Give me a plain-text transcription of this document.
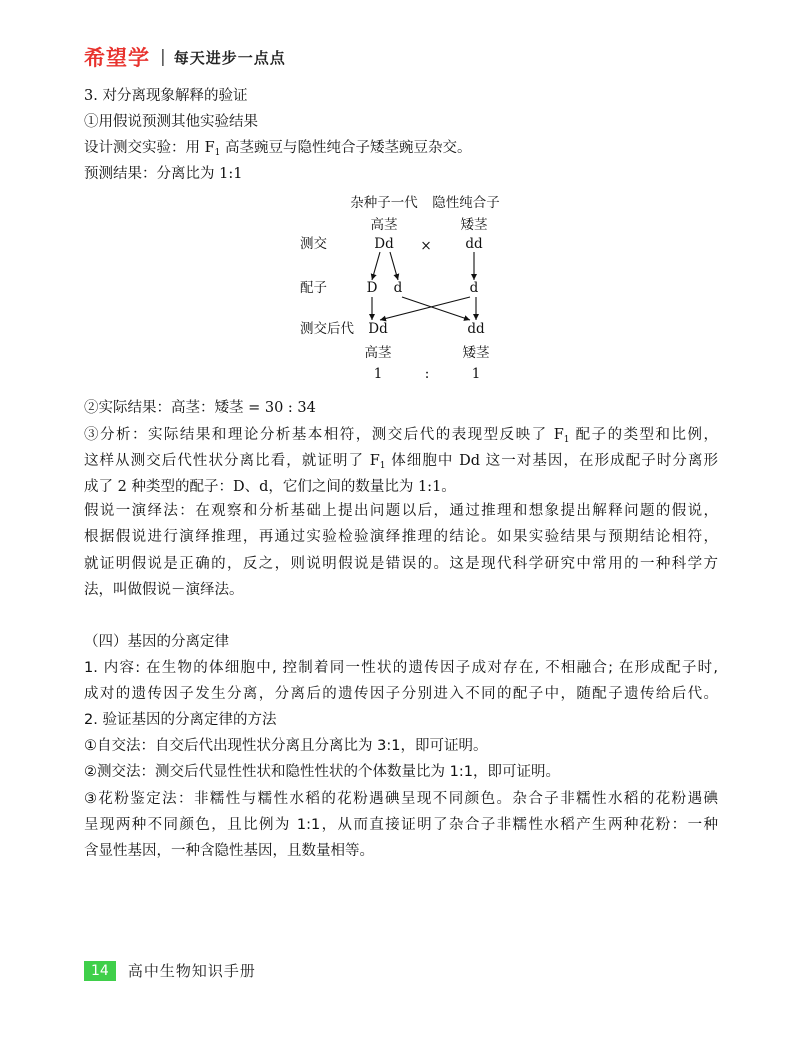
希望学 | 每天进步一点点
3. 对分离现象解释的验证
①用假说预测其他实验结果
设计测交实验：用 $F_1$ 高茎豌豆与隐性纯合子矮茎豌豆杂交。
预测结果：分离比为 1:1
杂种子一代 隐性纯合子
高茎	矮茎
测交	Dd × dd
配子	D d	d
测交后代 Dd	dd
高茎	矮茎
1	:	1
②实际结果：高茎：矮茎 = 30 : 34
③分析：实际结果和理论分析基本相符，测交后代的表现型反映了 $F_1$ 配子的类型和比例，
这样从测交后代性状分离比看，就证明了 $F_1$ 体细胞中 Dd 这一对基因，在形成配子时分离形
成了 2 种类型的配子：D、d，它们之间的数量比为 1:1。
假说一演绎法：在观察和分析基础上提出问题以后，通过推理和想象提出解释问题的假说，
根据假说进行演绎推理，再通过实验检验演绎推理的结论。如果实验结果与预期结论相符，
就证明假说是正确的，反之，则说明假说是错误的。这是现代科学研究中常用的一种科学方
法，叫做假说－演绎法。
（四）基因的分离定律
1. 内容: 在生物的体细胞中, 控制着同一性状的遗传因子成对存在, 不相融合; 在形成配子时,
成对的遗传因子发生分离，分离后的遗传因子分别进入不同的配子中，随配子遗传给后代。
2. 验证基因的分离定律的方法
①自交法：自交后代出现性状分离且分离比为 3:1，即可证明。
②测交法：测交后代显性性状和隐性性状的个体数量比为 1:1，即可证明。
③花粉鉴定法：非糯性与糯性水稻的花粉遇碘呈现不同颜色。杂合子非糯性水稻的花粉遇碘
呈现两种不同颜色，且比例为 1:1，从而直接证明了杂合子非糯性水稻产生两种花粉：一种
含显性基因，一种含隐性基因，且数量相等。
14	高中生物知识手册
